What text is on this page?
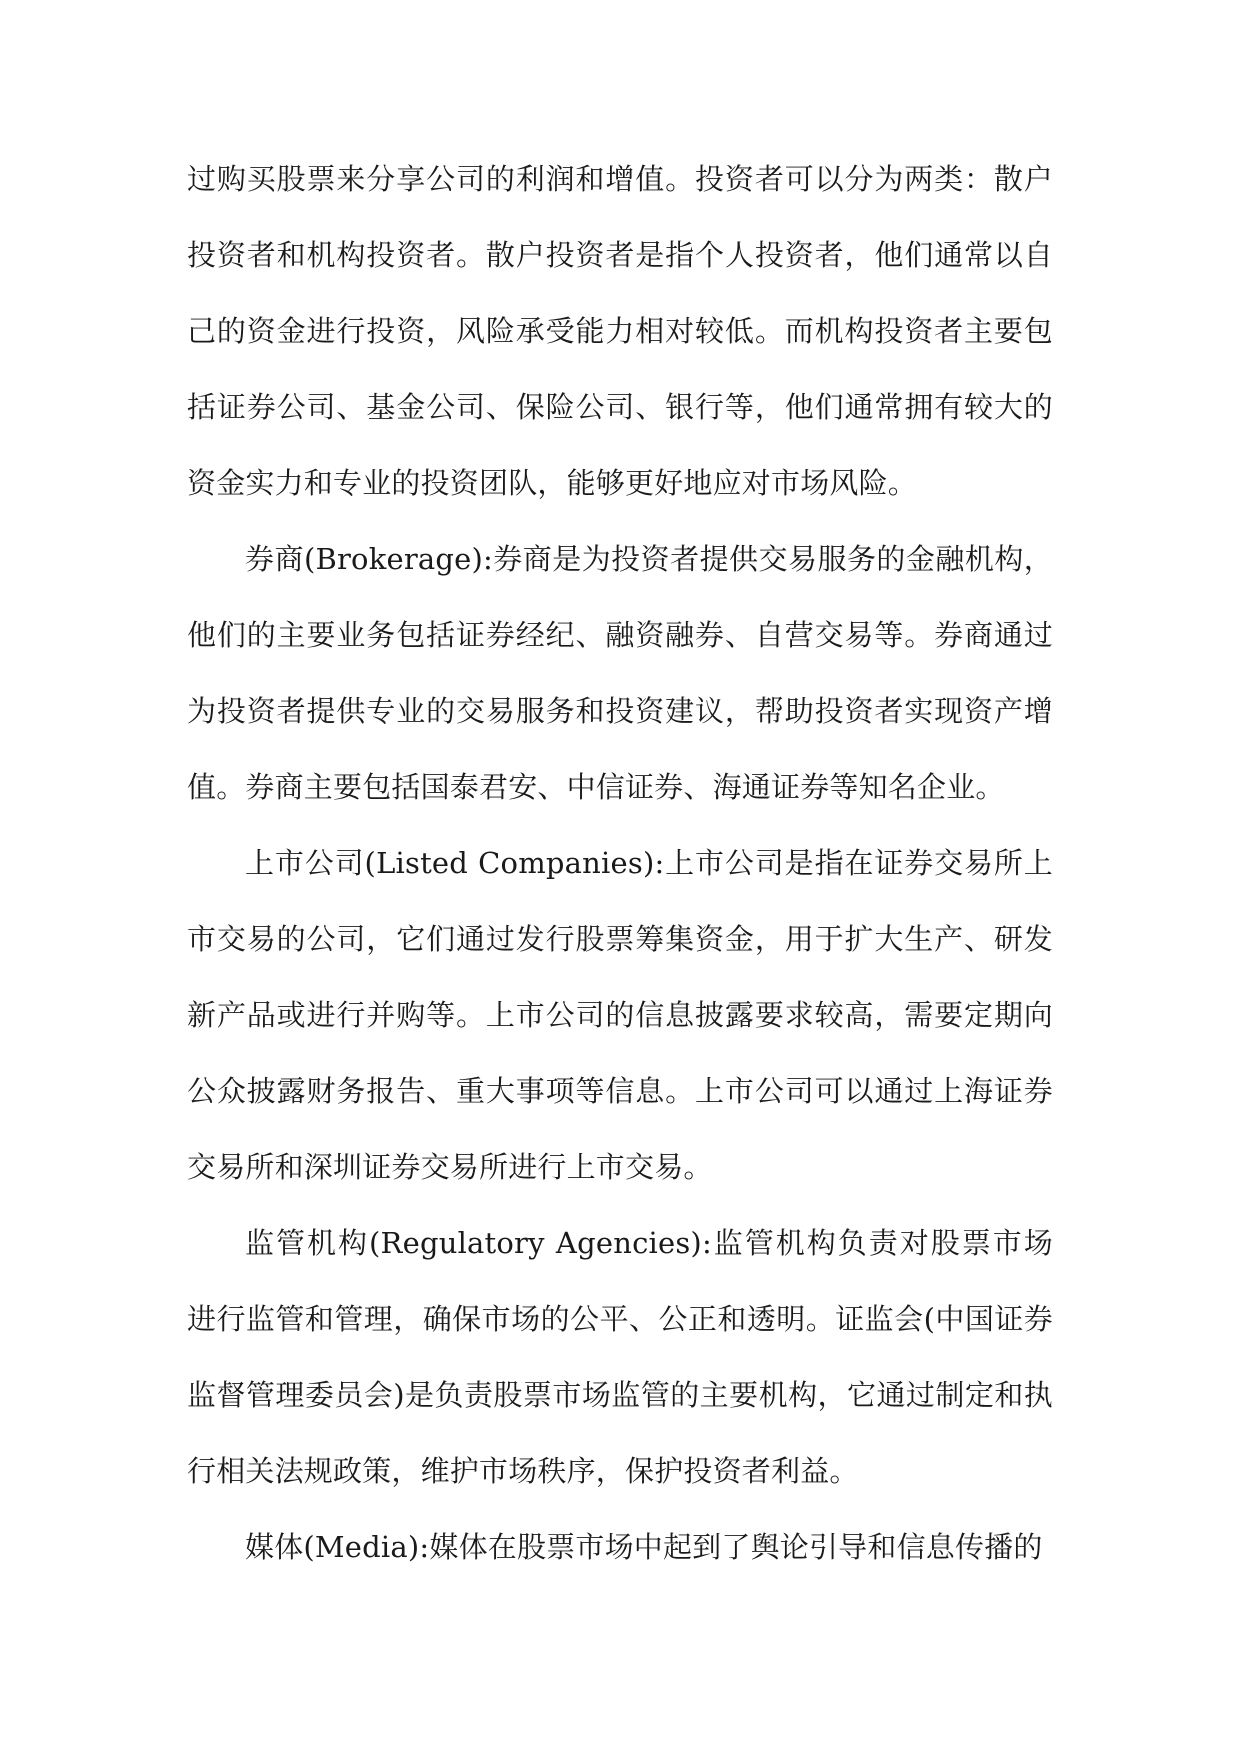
过购买股票来分享公司的利润和增值。投资者可以分为两类：散户投资者和机构投资者。散户投资者是指个人投资者，他们通常以自己的资金进行投资，风险承受能力相对较低。而机构投资者主要包括证券公司、基金公司、保险公司、银行等，他们通常拥有较大的资金实力和专业的投资团队，能够更好地应对市场风险。

券商(Brokerage):券商是为投资者提供交易服务的金融机构，他们的主要业务包括证券经纪、融资融券、自营交易等。券商通过为投资者提供专业的交易服务和投资建议，帮助投资者实现资产增值。券商主要包括国泰君安、中信证券、海通证券等知名企业。

上市公司(Listed Companies):上市公司是指在证券交易所上市交易的公司，它们通过发行股票筹集资金，用于扩大生产、研发新产品或进行并购等。上市公司的信息披露要求较高，需要定期向公众披露财务报告、重大事项等信息。上市公司可以通过上海证券交易所和深圳证券交易所进行上市交易。

监管机构(Regulatory Agencies):监管机构负责对股票市场进行监管和管理，确保市场的公平、公正和透明。证监会(中国证券监督管理委员会)是负责股票市场监管的主要机构，它通过制定和执行相关法规政策，维护市场秩序，保护投资者利益。

媒体(Media):媒体在股票市场中起到了舆论引导和信息传播的
